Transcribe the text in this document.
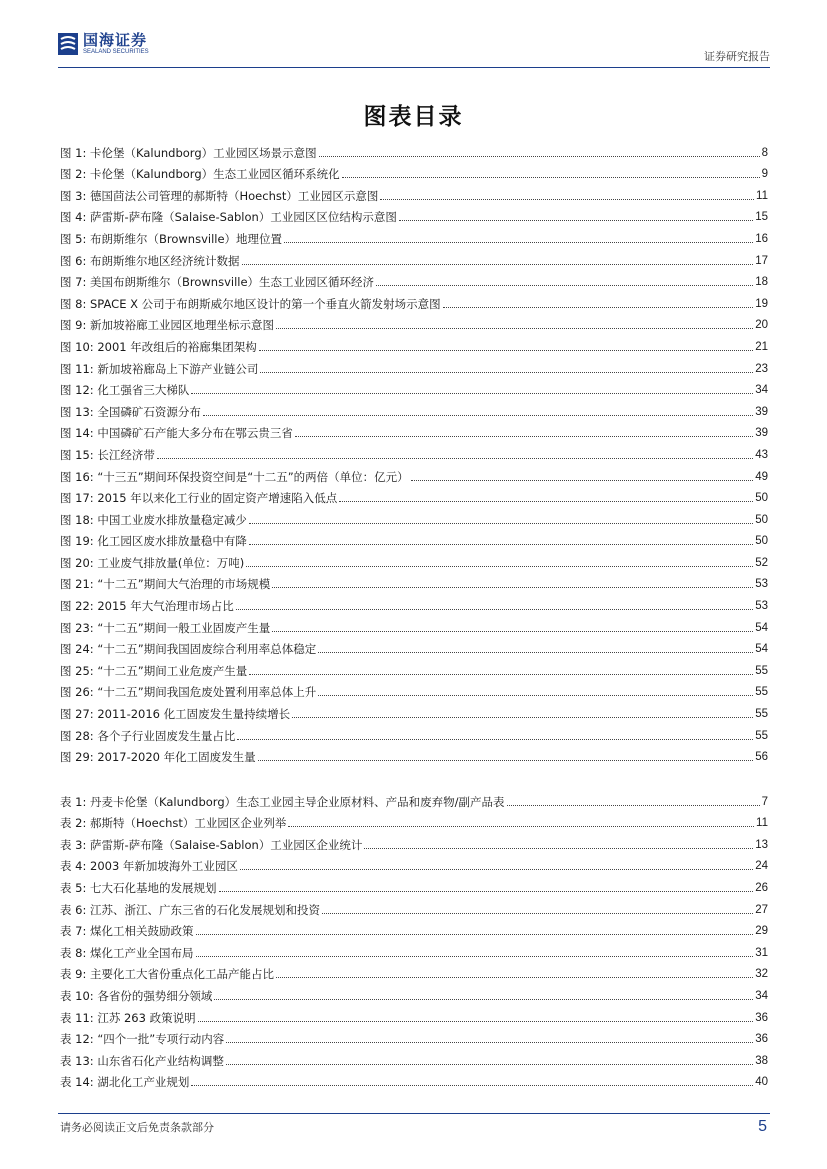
国海证券
SEALAND SECURITIES	证券研究报告
图表目录
图 1: 卡伦堡（Kalundborg）工业园区场景示意图	8
图 2: 卡伦堡（Kalundborg）生态工业园区循环系统化	9
图 3: 德国茴法公司管理的郝斯特（Hoechst）工业园区示意图	11
图 4: 萨雷斯-萨布隆（Salaise-Sablon）工业园区区位结构示意图	15
图 5: 布朗斯维尔（Brownsville）地理位置	16
图 6: 布朗斯维尔地区经济统计数据	17
图 7: 美国布朗斯维尔（Brownsville）生态工业园区循环经济	18
图 8: SPACE X 公司于布朗斯威尔地区设计的第一个垂直火箭发射场示意图	19
图 9: 新加坡裕廊工业园区地理坐标示意图	20
图 10: 2001 年改组后的裕廊集团架构	21
图 11: 新加坡裕廊岛上下游产业链公司	23
图 12: 化工强省三大梯队	34
图 13: 全国磷矿石资源分布	39
图 14: 中国磷矿石产能大多分布在鄂云贵三省	39
图 15: 长江经济带	43
图 16: “十三五”期间环保投资空间是“十二五”的两倍（单位：亿元）	49
图 17: 2015 年以来化工行业的固定资产增速陷入低点	50
图 18: 中国工业废水排放量稳定减少	50
图 19: 化工园区废水排放量稳中有降	50
图 20: 工业废气排放量(单位：万吨)	52
图 21: “十二五”期间大气治理的市场规模	53
图 22: 2015 年大气治理市场占比	53
图 23: “十二五”期间一般工业固废产生量	54
图 24: “十二五”期间我国固废综合利用率总体稳定	54
图 25: “十二五”期间工业危废产生量	55
图 26: “十二五”期间我国危废处置利用率总体上升	55
图 27: 2011-2016 化工固废发生量持续增长	55
图 28: 各个子行业固废发生量占比	55
图 29: 2017-2020 年化工固废发生量	56
表 1: 丹麦卡伦堡（Kalundborg）生态工业园主导企业原材料、产品和废弃物/副产品表	7
表 2: 郝斯特（Hoechst）工业园区企业列举	11
表 3: 萨雷斯-萨布隆（Salaise-Sablon）工业园区企业统计	13
表 4: 2003 年新加坡海外工业园区	24
表 5: 七大石化基地的发展规划	26
表 6: 江苏、浙江、广东三省的石化发展规划和投资	27
表 7: 煤化工相关鼓励政策	29
表 8: 煤化工产业全国布局	31
表 9: 主要化工大省份重点化工品产能占比	32
表 10: 各省份的强势细分领域	34
表 11: 江苏 263 政策说明	36
表 12: “四个一批”专项行动内容	36
表 13: 山东省石化产业结构调整	38
表 14: 湖北化工产业规划	40
请务必阅读正文后免责条款部分	5
